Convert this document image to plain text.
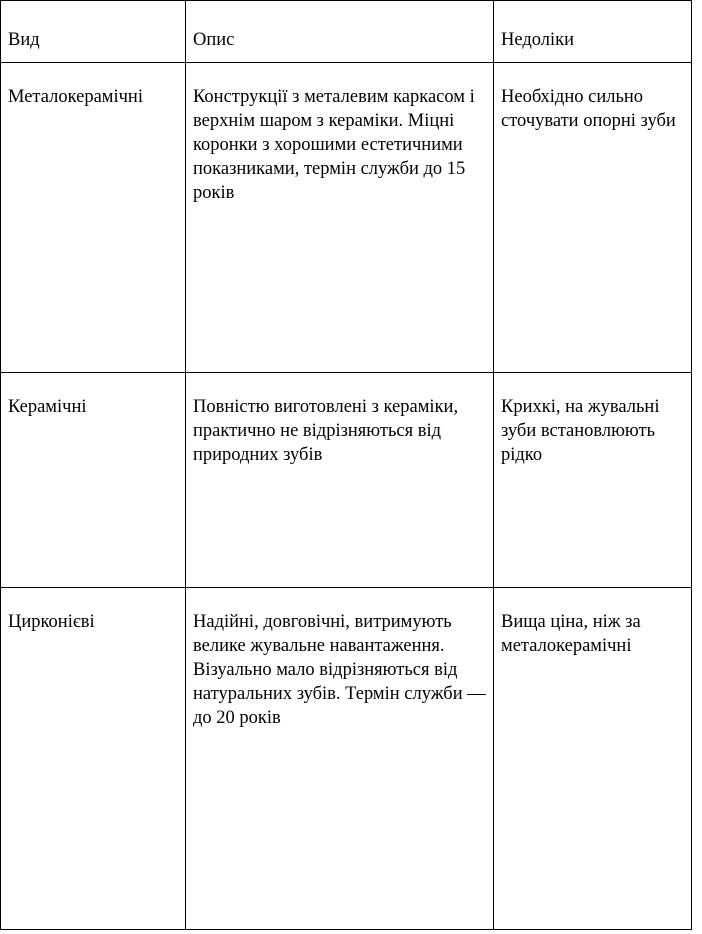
Вид	Опис	Недоліки

Металокерамічні	Конструкції з металевим каркасом і верхнім шаром з кераміки. Міцні коронки з хорошими естетичними показниками, термін служби до 15 років	Необхідно сильно сточувати опорні зуби

Керамічні	Повністю виготовлені з кераміки, практично не відрізняються від природних зубів	Крихкі, на жувальні зуби встановлюють рідко

Цирконієві	Надійні, довговічні, витримують велике жувальне навантаження. Візуально мало відрізняються від натуральних зубів. Термін служби — до 20 років	Вища ціна, ніж за металокерамічні
